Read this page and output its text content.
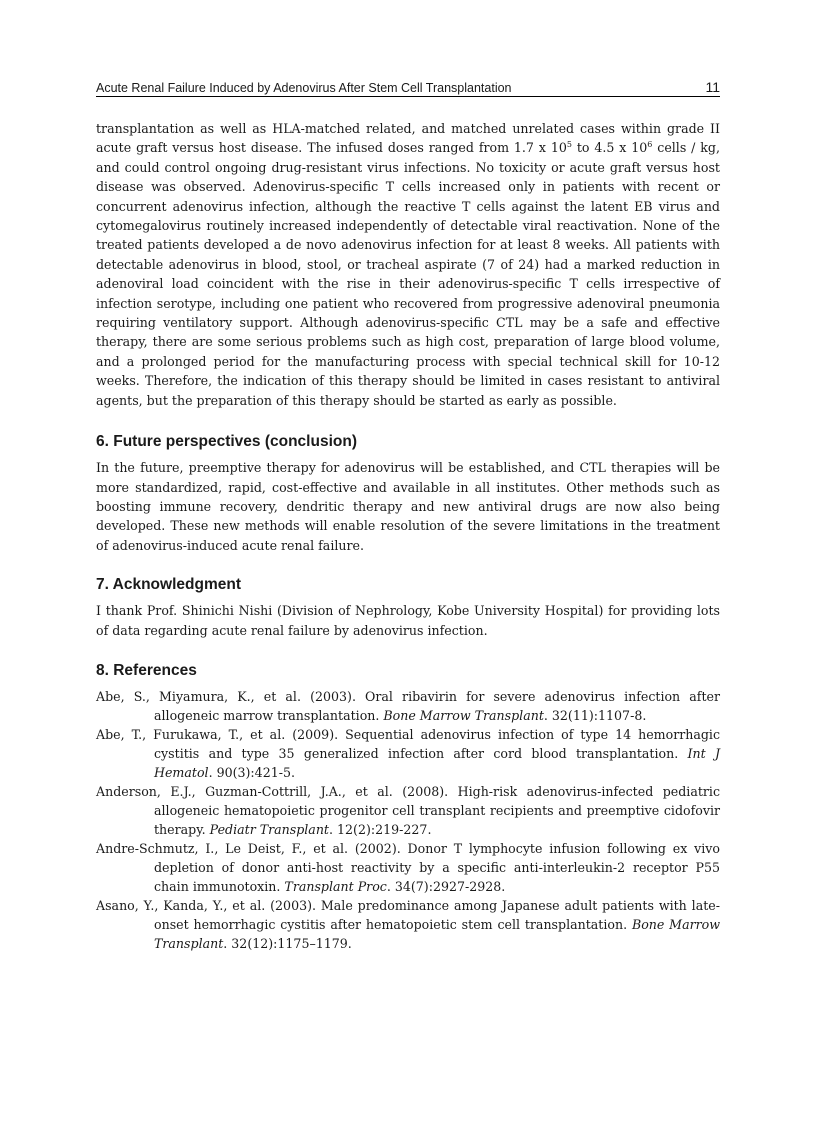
Acute Renal Failure Induced by Adenovirus After Stem Cell Transplantation	11

transplantation as well as HLA-matched related, and matched unrelated cases within grade II acute graft versus host disease. The infused doses ranged from 1.7 x $10^5$ to 4.5 x $10^6$ cells / kg, and could control ongoing drug-resistant virus infections. No toxicity or acute graft versus host disease was observed. Adenovirus-specific T cells increased only in patients with recent or concurrent adenovirus infection, although the reactive T cells against the latent EB virus and cytomegalovirus routinely increased independently of detectable viral reactivation. None of the treated patients developed a de novo adenovirus infection for at least 8 weeks. All patients with detectable adenovirus in blood, stool, or tracheal aspirate (7 of 24) had a marked reduction in adenoviral load coincident with the rise in their adenovirus-specific T cells irrespective of infection serotype, including one patient who recovered from progressive adenoviral pneumonia requiring ventilatory support. Although adenovirus-specific CTL may be a safe and effective therapy, there are some serious problems such as high cost, preparation of large blood volume, and a prolonged period for the manufacturing process with special technical skill for 10-12 weeks. Therefore, the indication of this therapy should be limited in cases resistant to antiviral agents, but the preparation of this therapy should be started as early as possible.

6. Future perspectives (conclusion)

In the future, preemptive therapy for adenovirus will be established, and CTL therapies will be more standardized, rapid, cost-effective and available in all institutes. Other methods such as boosting immune recovery, dendritic therapy and new antiviral drugs are now also being developed. These new methods will enable resolution of the severe limitations in the treatment of adenovirus-induced acute renal failure.

7. Acknowledgment

I thank Prof. Shinichi Nishi (Division of Nephrology, Kobe University Hospital) for providing lots of data regarding acute renal failure by adenovirus infection.

8. References
Abe, S., Miyamura, K., et al. (2003). Oral ribavirin for severe adenovirus infection after allogeneic marrow transplantation. Bone Marrow Transplant. 32(11):1107-8.
Abe, T., Furukawa, T., et al. (2009). Sequential adenovirus infection of type 14 hemorrhagic cystitis and type 35 generalized infection after cord blood transplantation. Int J Hematol. 90(3):421-5.
Anderson, E.J., Guzman-Cottrill, J.A., et al. (2008). High-risk adenovirus-infected pediatric allogeneic hematopoietic progenitor cell transplant recipients and preemptive cidofovir therapy. Pediatr Transplant. 12(2):219-227.
Andre-Schmutz, I., Le Deist, F., et al. (2002). Donor T lymphocyte infusion following ex vivo depletion of donor anti-host reactivity by a specific anti-interleukin-2 receptor P55 chain immunotoxin. Transplant Proc. 34(7):2927-2928.
Asano, Y., Kanda, Y., et al. (2003). Male predominance among Japanese adult patients with late-onset hemorrhagic cystitis after hematopoietic stem cell transplantation. Bone Marrow Transplant. 32(12):1175–1179.
